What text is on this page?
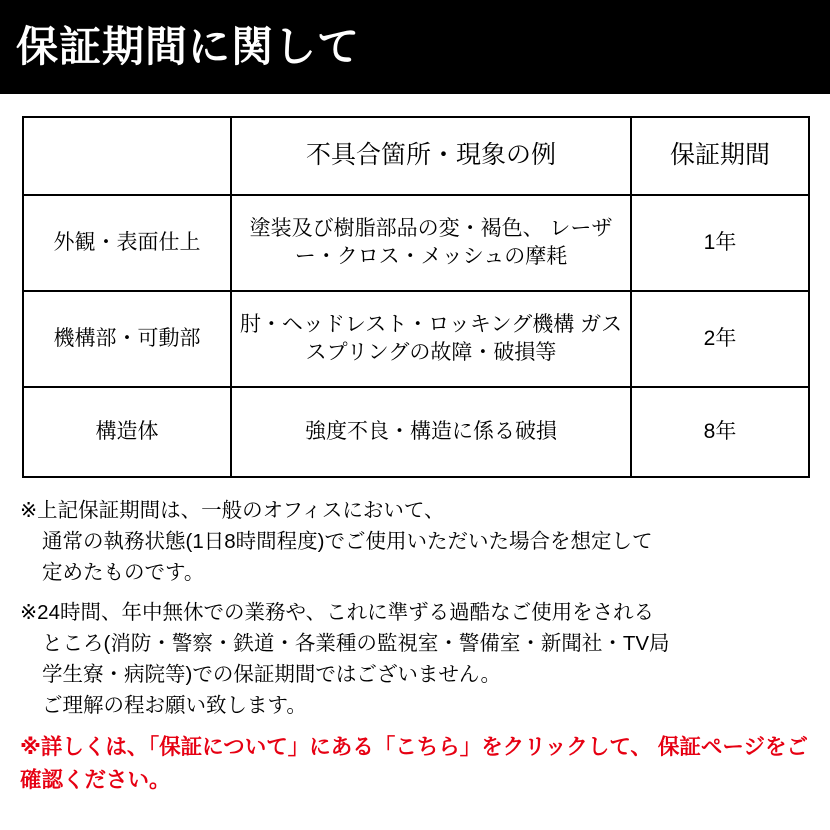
保証期間に関して
	不具合箇所・現象の例	保証期間
外観・表面仕上	塗装及び樹脂部品の変・褐色、 レーザー・クロス・メッシュの摩耗	1年
機構部・可動部	肘・ヘッドレスト・ロッキング機構 ガススプリングの故障・破損等	2年
構造体	強度不良・構造に係る破損	8年
※上記保証期間は、一般のオフィスにおいて、
通常の執務状態(1日8時間程度)でご使用いただいた場合を想定して
定めたものです。
※24時間、年中無休での業務や、これに準ずる過酷なご使用をされる
ところ(消防・警察・鉄道・各業種の監視室・警備室・新聞社・TV局
学生寮・病院等)での保証期間ではございません。
ご理解の程お願い致します。
※詳しくは、「保証について」にある「こちら」をクリックして、 保証ページをご確認ください。
